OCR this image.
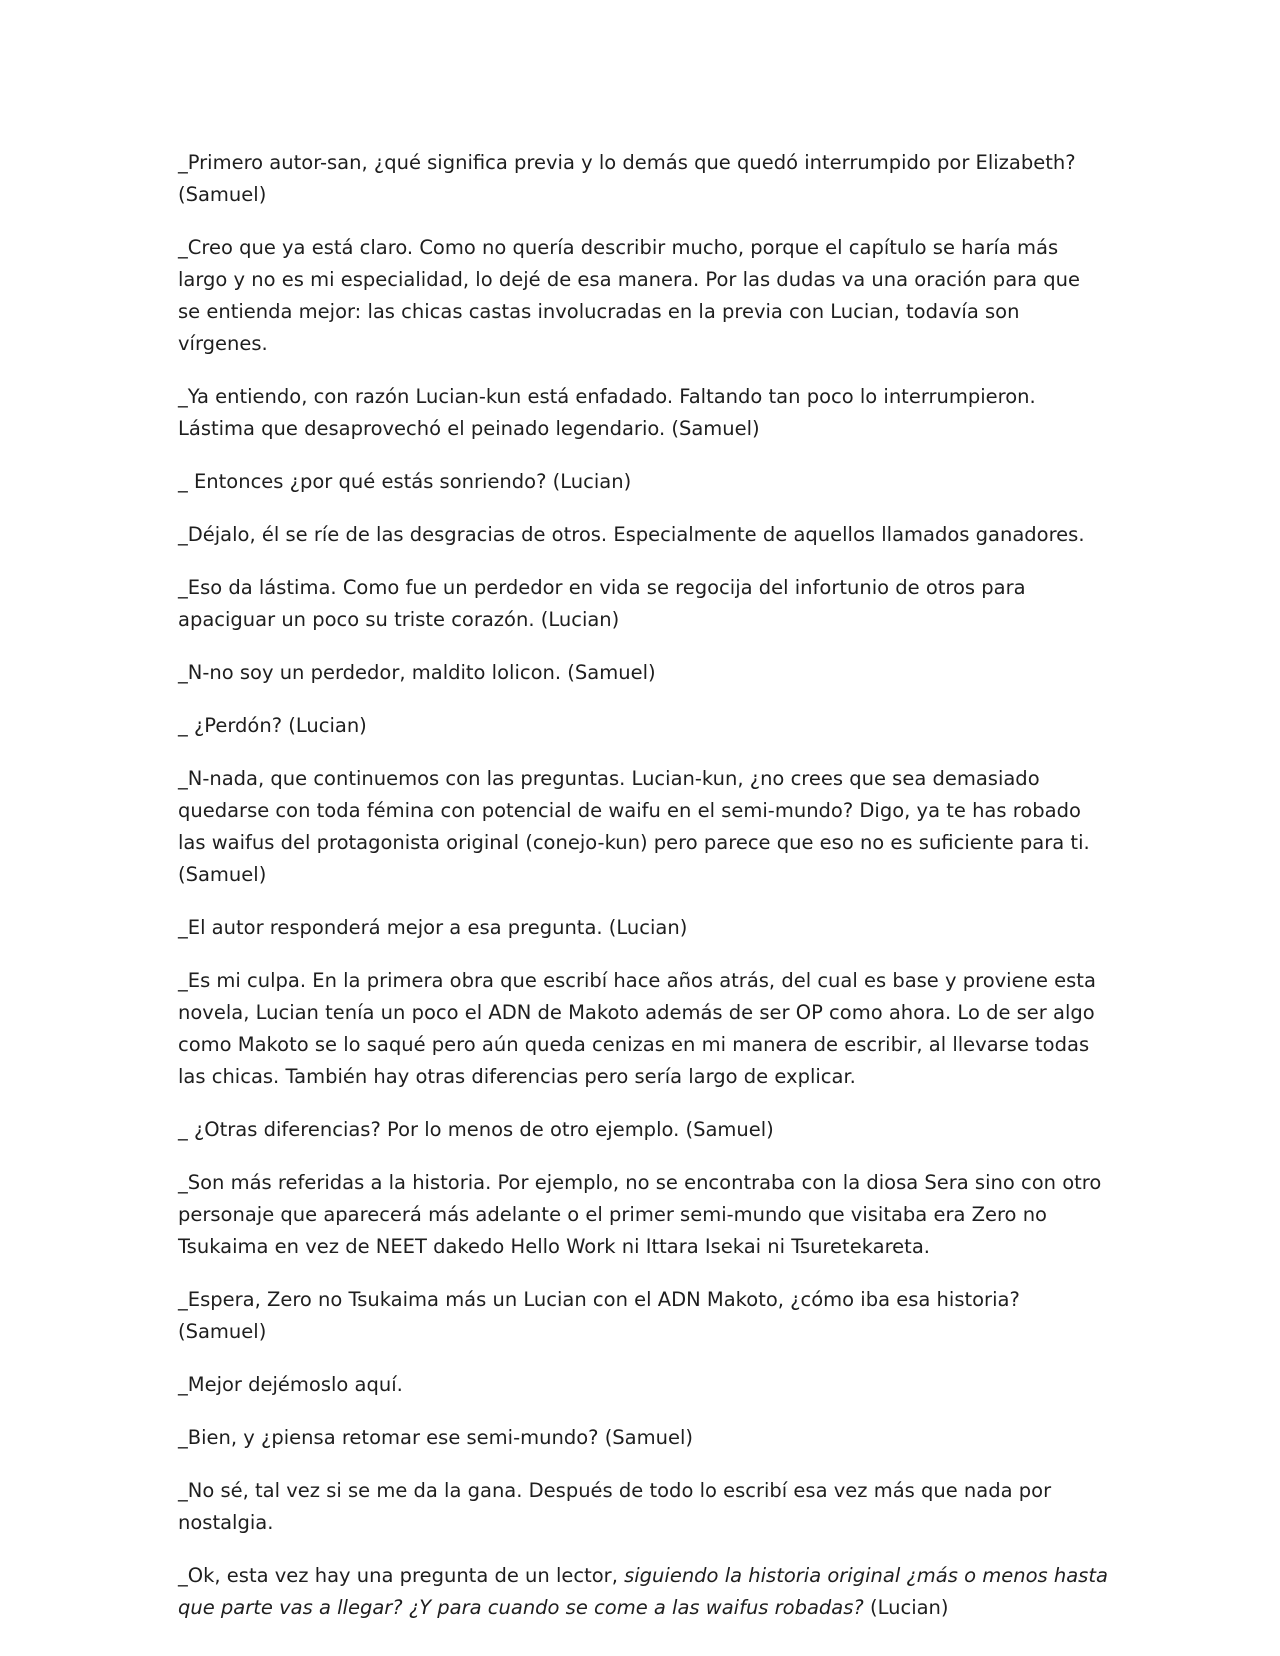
_Primero autor-san, ¿qué significa previa y lo demás que quedó interrumpido por Elizabeth? (Samuel)

_Creo que ya está claro. Como no quería describir mucho, porque el capítulo se haría más largo y no es mi especialidad, lo dejé de esa manera. Por las dudas va una oración para que se entienda mejor: las chicas castas involucradas en la previa con Lucian, todavía son vírgenes.

_Ya entiendo, con razón Lucian-kun está enfadado. Faltando tan poco lo interrumpieron. Lástima que desaprovechó el peinado legendario. (Samuel)

_ Entonces ¿por qué estás sonriendo? (Lucian)

_Déjalo, él se ríe de las desgracias de otros. Especialmente de aquellos llamados ganadores.

_Eso da lástima. Como fue un perdedor en vida se regocija del infortunio de otros para apaciguar un poco su triste corazón. (Lucian)

_N-no soy un perdedor, maldito lolicon. (Samuel)

_ ¿Perdón? (Lucian)

_N-nada, que continuemos con las preguntas. Lucian-kun, ¿no crees que sea demasiado quedarse con toda fémina con potencial de waifu en el semi-mundo? Digo, ya te has robado las waifus del protagonista original (conejo-kun) pero parece que eso no es suficiente para ti. (Samuel)

_El autor responderá mejor a esa pregunta. (Lucian)

_Es mi culpa. En la primera obra que escribí hace años atrás, del cual es base y proviene esta novela, Lucian tenía un poco el ADN de Makoto además de ser OP como ahora. Lo de ser algo como Makoto se lo saqué pero aún queda cenizas en mi manera de escribir, al llevarse todas las chicas. También hay otras diferencias pero sería largo de explicar.

_ ¿Otras diferencias? Por lo menos de otro ejemplo. (Samuel)

_Son más referidas a la historia. Por ejemplo, no se encontraba con la diosa Sera sino con otro personaje que aparecerá más adelante o el primer semi-mundo que visitaba era Zero no Tsukaima en vez de NEET dakedo Hello Work ni Ittara Isekai ni Tsuretekareta.

_Espera, Zero no Tsukaima más un Lucian con el ADN Makoto, ¿cómo iba esa historia? (Samuel)

_Mejor dejémoslo aquí.

_Bien, y ¿piensa retomar ese semi-mundo? (Samuel)

_No sé, tal vez si se me da la gana. Después de todo lo escribí esa vez más que nada por nostalgia.

_Ok, esta vez hay una pregunta de un lector, siguiendo la historia original ¿más o menos hasta que parte vas a llegar? ¿Y para cuando se come a las waifus robadas? (Lucian)
